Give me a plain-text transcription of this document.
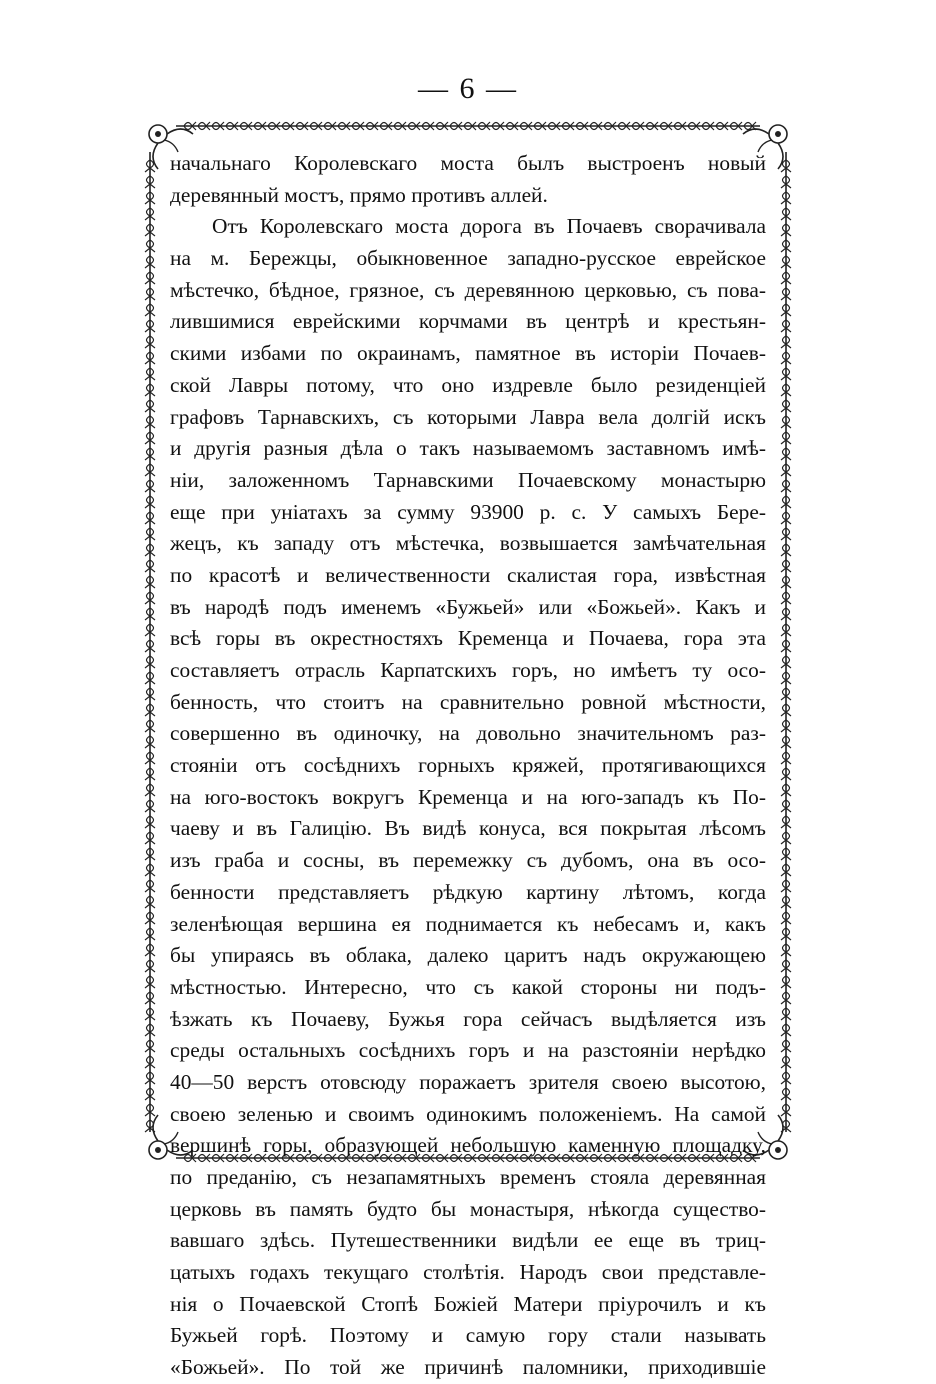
— 6 —
начальнаго Королевскаго моста былъ выстроенъ новый
деревянный мостъ, прямо противъ аллей.
Отъ Королевскаго моста дорога въ Почаевъ сворачивала
на м. Бережцы, обыкновенное западно-русское еврейское
мѣстечко, бѣдное, грязное, съ деревянною церковью, съ пова-
лившимися еврейскими корчмами въ центрѣ и крестьян-
скими избами по окраинамъ, памятное въ исторіи Почаев-
ской Лавры потому, что оно издревле было резиденціей
графовъ Тарнавскихъ, съ которыми Лавра вела долгій искъ
и другія разныя дѣла о такъ называемомъ заставномъ имѣ-
ніи, заложенномъ Тарнавскими Почаевскому монастырю
еще при уніатахъ за сумму 93900 р. с. У самыхъ Бере-
жецъ, къ западу отъ мѣстечка, возвышается замѣчательная
по красотѣ и величественности скалистая гора, извѣстная
въ народѣ подъ именемъ «Бужьей» или «Божьей». Какъ и
всѣ горы въ окрестностяхъ Кременца и Почаева, гора эта
составляетъ отрасль Карпатскихъ горъ, но имѣетъ ту осо-
бенность, что стоитъ на сравнительно ровной мѣстности,
совершенно въ одиночку, на довольно значительномъ раз-
стояніи отъ сосѣднихъ горныхъ кряжей, протягивающихся
на юго-востокъ вокругъ Кременца и на юго-западъ къ По-
чаеву и въ Галицію. Въ видѣ конуса, вся покрытая лѣсомъ
изъ граба и сосны, въ перемежку съ дубомъ, она въ осо-
бенности представляетъ рѣдкую картину лѣтомъ, когда
зеленѣющая вершина ея поднимается къ небесамъ и, какъ
бы упираясь въ облака, далеко царитъ надъ окружающею
мѣстностью. Интересно, что съ какой стороны ни подъ-
ѣзжать къ Почаеву, Бужья гора сейчасъ выдѣляется изъ
среды остальныхъ сосѣднихъ горъ и на разстояніи нерѣдко
40—50 верстъ отовсюду поражаетъ зрителя своею высотою,
своею зеленью и своимъ одинокимъ положеніемъ. На самой
вершинѣ горы, образующей небольшую каменную площадку,
по преданію, съ незапамятныхъ временъ стояла деревянная
церковь въ память будто бы монастыря, нѣкогда существо-
вавшаго здѣсь. Путешественники видѣли ее еще въ триц-
цатыхъ годахъ текущаго столѣтія. Народъ свои представле-
нія о Почаевской Стопѣ Божіей Матери пріурочилъ и къ
Бужьей горѣ. Поэтому и самую гору стали называть
«Божьей». По той же причинѣ паломники, приходившіе
